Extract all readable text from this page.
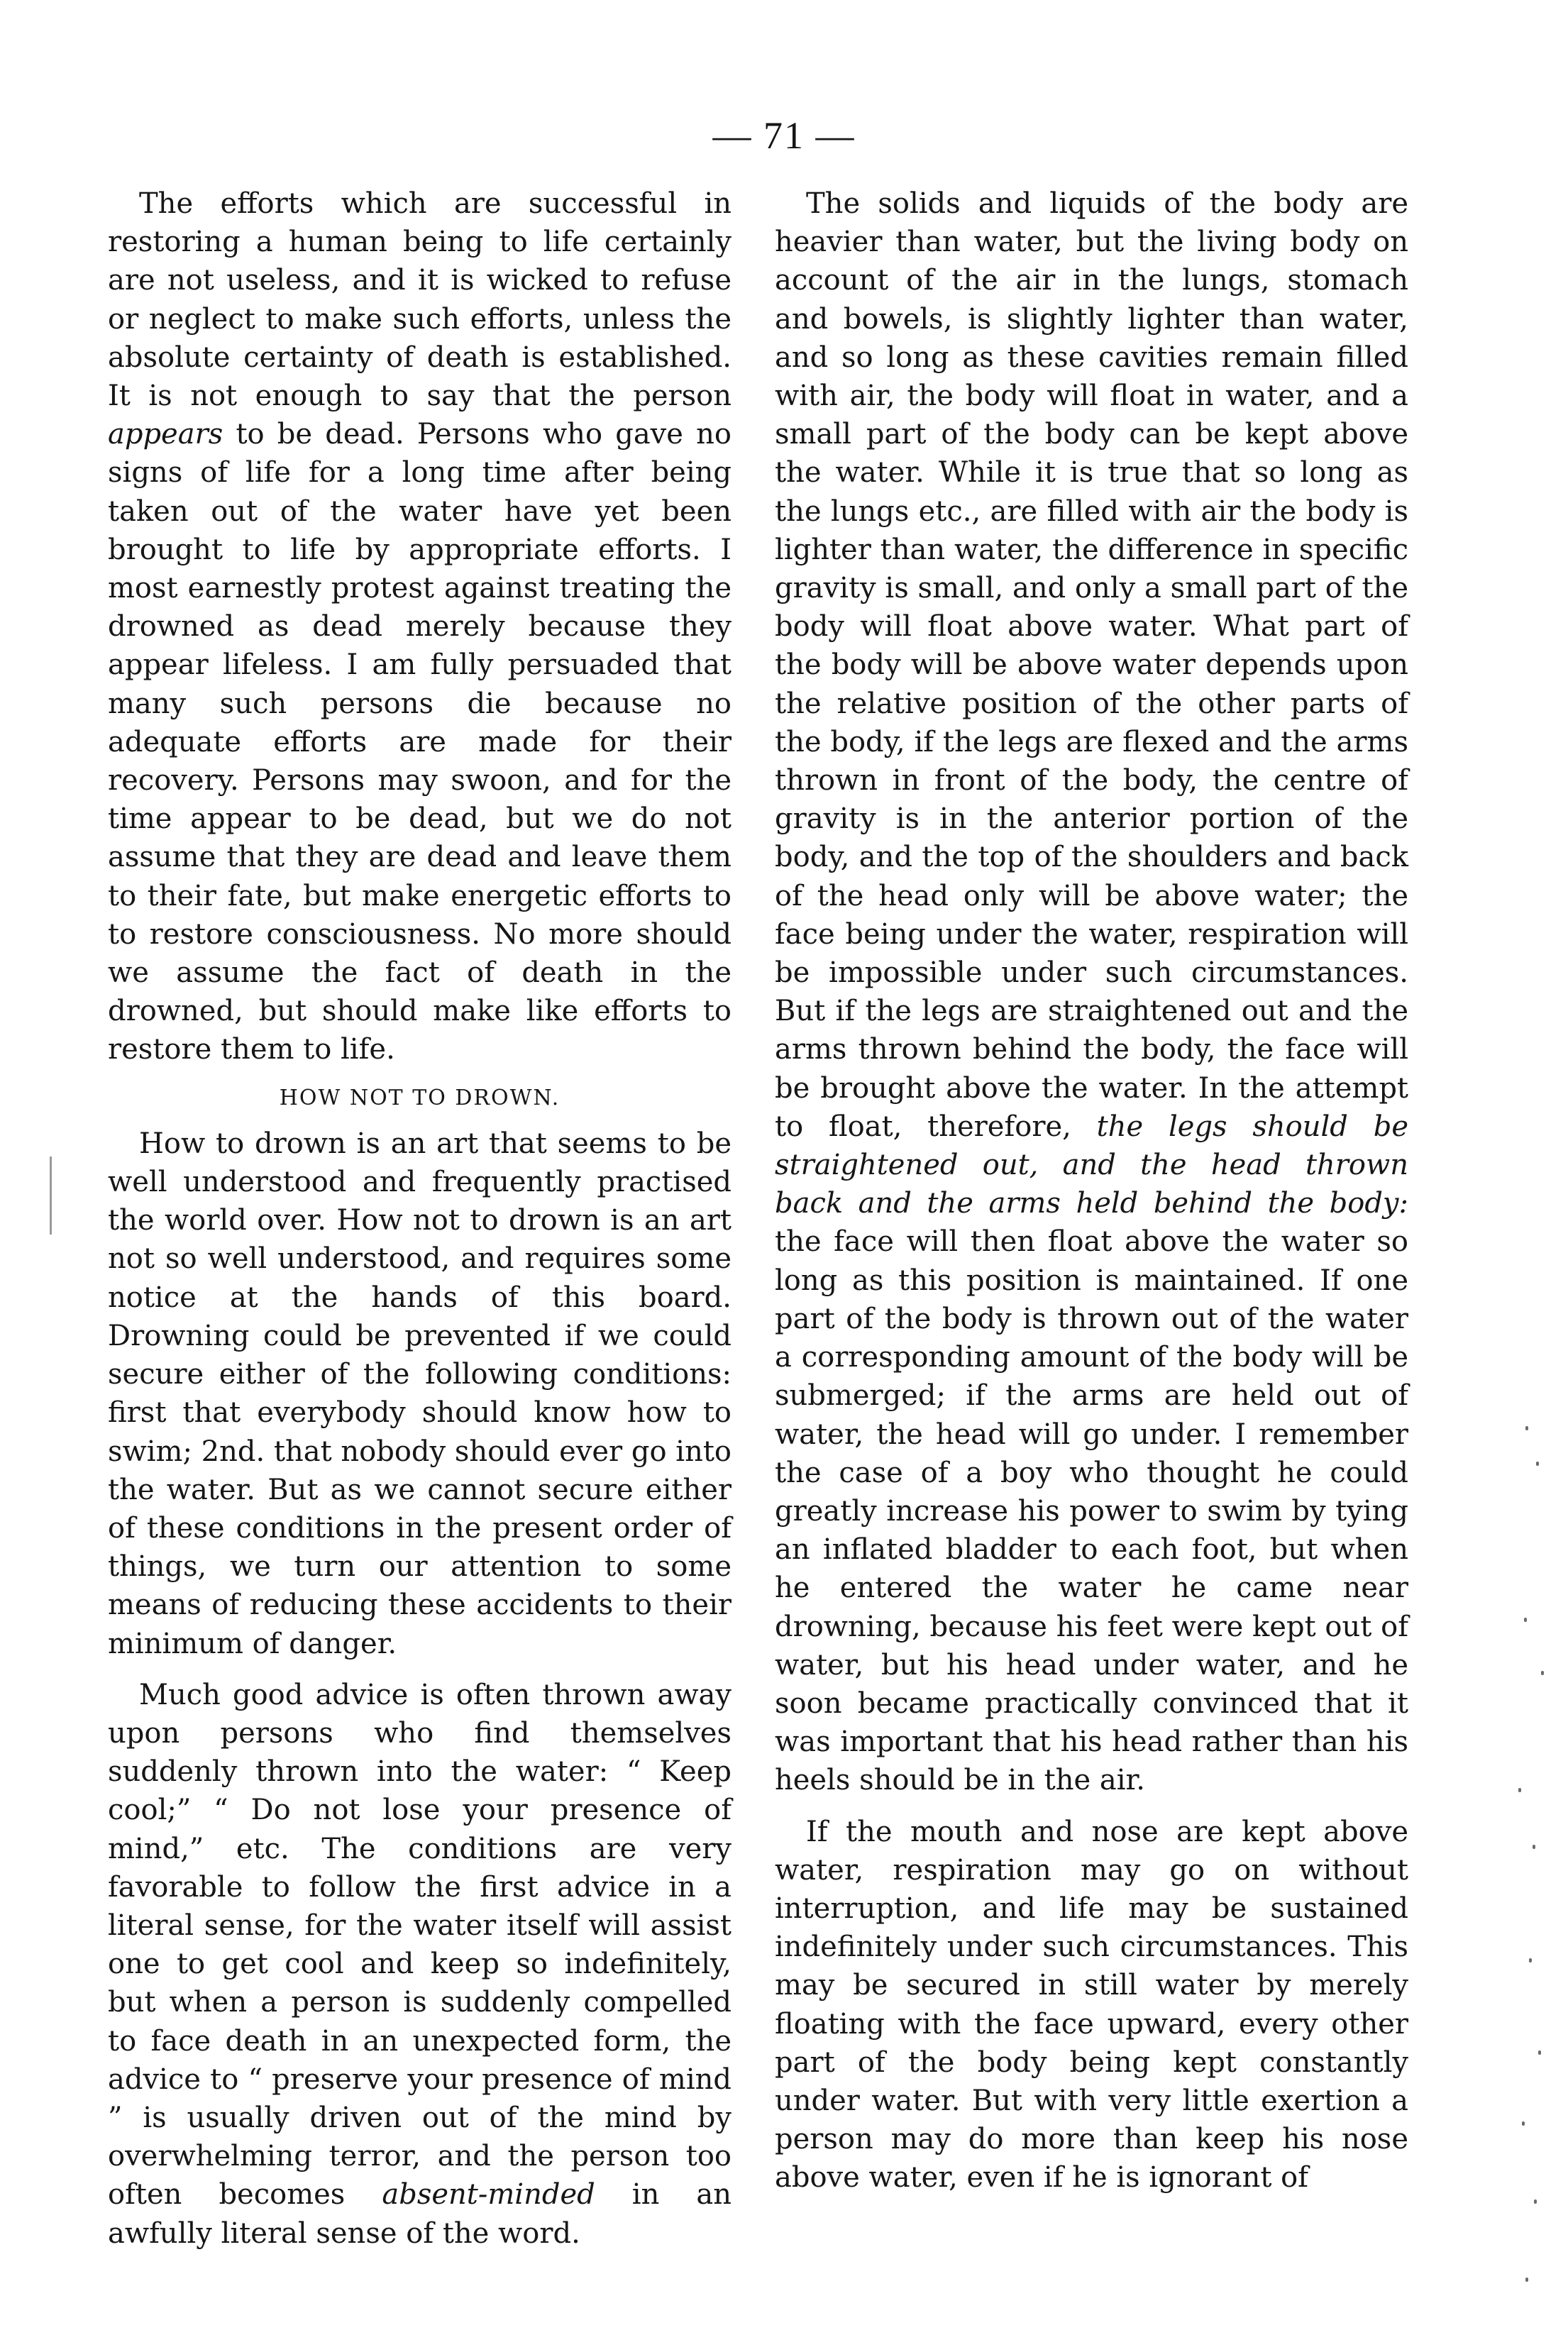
— 71 —

The efforts which are successful in restoring a human being to life certainly are not useless, and it is wicked to refuse or neglect to make such efforts, unless the absolute certainty of death is established. It is not enough to say that the person appears to be dead. Persons who gave no signs of life for a long time after being taken out of the water have yet been brought to life by appropriate efforts. I most earnestly protest against treating the drowned as dead merely because they appear lifeless. I am fully persuaded that many such persons die because no adequate efforts are made for their recovery. Persons may swoon, and for the time appear to be dead, but we do not assume that they are dead and leave them to their fate, but make energetic efforts to to restore consciousness. No more should we assume the fact of death in the drowned, but should make like efforts to restore them to life.

HOW NOT TO DROWN.

How to drown is an art that seems to be well understood and frequently practised the world over. How not to drown is an art not so well understood, and requires some notice at the hands of this board. Drowning could be prevented if we could secure either of the following conditions: first that everybody should know how to swim; 2nd. that nobody should ever go into the water. But as we cannot secure either of these conditions in the present order of things, we turn our attention to some means of reducing these accidents to their minimum of danger.

Much good advice is often thrown away upon persons who find themselves suddenly thrown into the water: “ Keep cool;” “ Do not lose your presence of mind,” etc. The conditions are very favorable to follow the first advice in a literal sense, for the water itself will assist one to get cool and keep so indefinitely, but when a person is suddenly compelled to face death in an unexpected form, the advice to “ preserve your presence of mind ” is usually driven out of the mind by overwhelming terror, and the person too often becomes absent-minded in an awfully literal sense of the word.

The solids and liquids of the body are heavier than water, but the living body on account of the air in the lungs, stomach and bowels, is slightly lighter than water, and so long as these cavities remain filled with air, the body will float in water, and a small part of the body can be kept above the water. While it is true that so long as the lungs etc., are filled with air the body is lighter than water, the difference in specific gravity is small, and only a small part of the body will float above water. What part of the body will be above water depends upon the relative position of the other parts of the body, if the legs are flexed and the arms thrown in front of the body, the centre of gravity is in the anterior portion of the body, and the top of the shoulders and back of the head only will be above water; the face being under the water, respiration will be impossible under such circumstances. But if the legs are straightened out and the arms thrown behind the body, the face will be brought above the water. In the attempt to float, therefore, the legs should be straightened out, and the head thrown back and the arms held behind the body: the face will then float above the water so long as this position is maintained. If one part of the body is thrown out of the water a corresponding amount of the body will be submerged; if the arms are held out of water, the head will go under. I remember the case of a boy who thought he could greatly increase his power to swim by tying an inflated bladder to each foot, but when he entered the water he came near drowning, because his feet were kept out of water, but his head under water, and he soon became practically convinced that it was important that his head rather than his heels should be in the air.

If the mouth and nose are kept above water, respiration may go on without interruption, and life may be sustained indefinitely under such circumstances. This may be secured in still water by merely floating with the face upward, every other part of the body being kept constantly under water. But with very little exertion a person may do more than keep his nose above water, even if he is ignorant of
